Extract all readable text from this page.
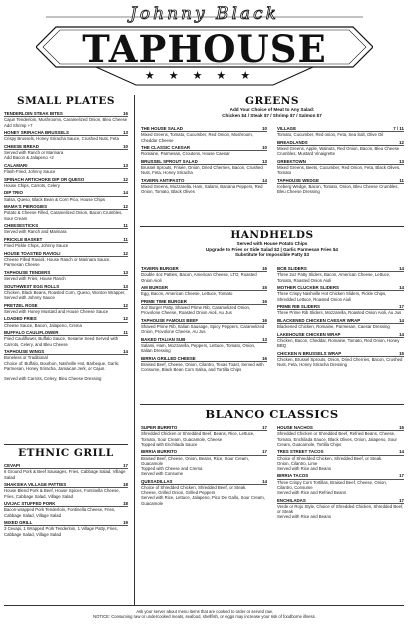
Johnny Black
TAPHOUSE
★★★★★
SMALL PLATES
TENDERLOIN STEAK BITES	16
Cajun Tenderloin, Mushrooms, Caramelized Onion, Bleu Cheese
Add Shrimp +7
HONEY SRIRACHA BRUSSELS	13
Crispy Brussels, Honey Sriracha Sauce, Crushed Nuts, Feta
CHEESE BREAD	10
Served with Ranch or Marinara
Add Bacon & Jalapeno +2
CALAMARI	13
Flash-Fried, Johnny Sauce
SPINACH ARTICHOKE DIP OR QUESO	12
House Chips, Carrots, Celery
DIP TRIO	14
Salsa, Queso, Black Bean & Corn Pico, House Chips
MAMA'S PIEROGIES	12
Potato & Cheese Filled, Caramelized Onion, Bacon Crumbles, Sour Cream
CHEESESTICKS	11
Served with Ranch and Marinara
FRICKLE BASKET	11
Fried Pickle Chips, Johnny Sauce
HOUSE TOASTED RAVIOLI	12
Cheese Filled Ravioli, House Ranch or Marinara Sauce, Parmesan Cheese
TAPHOUSE TENDERS	13
Served with Fries, House Ranch
SOUTHWEST EGG ROLLS	13
Chicken, Black Beans, Roasted Corn, Queso, Wonton Wrapper, Served with Johnny Sauce
PRETZEL ROSE	12
Served with Honey Mustard and House Cheese Sauce
LOADED FRIES	12
Cheese Sauce, Bacon, Jalapeno, Crema
BUFFALO CAULIFLOWER	11
Fried Cauliflower, Buffalo Sauce, Sesame Seed Served with Carrots, Celery, and Bleu Cheese
TAPHOUSE WINGS	14
Boneless or Traditional
Choice of: Buffalo, Bourbon, Nashville Hot, Barbeque, Garlic Parmesan, Honey Sriracha, Jamaican Jerk, or Cajun.

Served with Carrots, Celery, Bleu Cheese Dressing
ETHNIC GRILL
CEVAPI	17
6 Ground Pork & Beef Sausages, Fries, Cabbage Salad, Village Salad
SHAKSIKA VILLAGE PATTIES	18
House Blend Pork & Beef, House Spices, Fontinella Cheese, Fries, Cabbage Salad, Village Salad
UVIJAC STUFFED PORK	18
Bacon-wrapped Pork Tenderloin, Fontinella Cheese, Fries, Cabbage Salad, Village Salad
MIXED GRILL	19
3 Cevapi, 1 Wrapped Pork Tenderloin, 1 Village Patty, Fries, Cabbage Salad, Village Salad
GREENS
Add Your Choice of Meat to Any Salad:
Chicken $4 / Steak $7 / Shrimp $7 / Salmon $7
THE HOUSE SALAD	10
Mixed Greens, Tomato, Cucumber, Red Onion, Mushroom, Cheddar Cheese
THE CLASSIC CAESAR	10
Romaine, Parmesan, Croutons, House Caesar
BRUSSEL SPROUT SALAD	13
Brussel Sprouts, Frisée, Onion, Dried Cherries, Bacon, Crushed Nuts, Feta, Honey Sriracha
TAVERN ANTIPASTO	14
Mixed Greens, Mozzarella, Ham, Salami, Banana Peppers, Red Onion, Tomato, Black Olives
VILLAGE	7 / 11
Tomato, Cucumber, Red onion, Feta, Sea Salt, Olive Oil
BREADLANDS	12
Mixed Greens, Apple, Walnuts, Red Onion, Bacon, Bleu Cheese Crumbles, Mustard Vinaigrette
GREEKTOWN	13
Mixed Greens, Beets, Cucumber, Red Onion, Feta, Black Olives, Tomato
TAPHOUSE WEDGE	11
Iceberg Wedge, Bacon, Tomato, Onion, Bleu Cheese Crumbles, Bleu Cheese Dressing
HANDHELDS
Served with House Potato Chips
Upgrade to Fries or Side Salad $2 | Garlic Parmesan Fries $4
Substitute for Impossible Patty $3
TAVERN BURGER	16
Double 4oz Patties, Bacon, American Cheese, LTO, Roasted Onion Aioli
AM BURGER	15
Egg, Bacon, American Cheese, Lettuce, Tomato
PRIME TIME BURGER	16
4oz Burger Patty, Shaved Prime Rib, Caramelized Onion, Provolone Cheese, Roasted Onion Aioli, Au Jus
TAPHOUSE FAMOUS BEEF	16
Shaved Prime Rib, Italian Sausage, Spicy Peppers, Caramelized Onion, Provolone Cheese, Au Jus
BAKED ITALIAN SUB	13
Salami, Ham, Mozzarella, Peppers, Lettuce, Tomato, Onion, Italian Dressing
BIRRIA GRILLED CHEESE	16
Braised Beef, Cheese, Onion, Cilantro, Texas Toast, Served with Consume, Black Bean Corn Salsa, and Tortilla Chips
BCB SLIDERS	14
Three 2oz Patty Sliders, Bacon, American Cheese, Lettuce, Tomato, Roasted Onion Aioli
MOTHER CLUCKER SLIDERS	14
Three Crispy Nashville Hot Chicken Sliders, Pickle Chips, Shredded Lettuce, Roasted Onion Aioli
PRIME RIB SLIDERS	17
Three Prime Rib Sliders, Mozzarella, Roasted Onion Aioli, Au Jus
BLACKENED CHICKEN CAESAR WRAP	14
Blackened Chicken, Romaine, Parmesan, Caesar Dressing
LAKEHOUSE CHICKEN WRAP	14
Chicken, Bacon, Cheddar, Romaine, Tomato, Red Onion, Honey BBQ
CHICKEN N BRUSSELS WRAP	15
Chicken, Brussel Sprouts, Onion, Dried Cherries, Bacon, Crushed Nuts, Feta, Honey Sriracha Dressing
BLANCO CLASSICS
SUPER BURRITO	17
Shredded Chicken or Shredded Beef, Beans, Rice, Lettuce, Tomato, Sour Cream, Guacamole, Cheese
Topped with Enchilada Sauce
BIRRIA BURRITO	17
Braised Beef, Cheese, Onion, Beans, Rice, Sour Cream, Guacamole
Topped with Cheese and Crema
Served with Consume
QUESADILLAS	14
Choice of Shredded Chicken, Shredded Beef, or Steak.
Cheese, Grilled Onion, Grilled Peppers
Served with Rice, Lettuce, Jalapeno, Pico De Gallo, Sour Cream, Guacamole
HOUSE NACHOS	15
Shredded Chicken or Shredded Beef, Refried Beans, Cheese, Tomato, Enchilada Sauce, Black Olives, Onion, Jalapeno, Sour Cream, Guacamole, Tortilla Chips
TRES STREET TACOS	14
Choice of Shredded Chicken, Shredded Beef, or Steak.
Onion, Cilantro, Lime
Served with Rice and Beans
BIRRIA TACOS	17
Three Crispy Corn Tortillas, Braised Beef, Cheese, Onion, Cilantro, Consume
Served with Rice and Refried Beans
ENCHILADAS	17
Verde or Rojo Style, Choice of Shredded Chicken, Shredded Beef, or Steak
Served with Rice and Beans
Ask your server about menu items that are cooked to order or served raw.
NOTICE: Consuming raw or undercooked meats, seafood, shellfish, or eggs may increase your risk of foodborne illness.
